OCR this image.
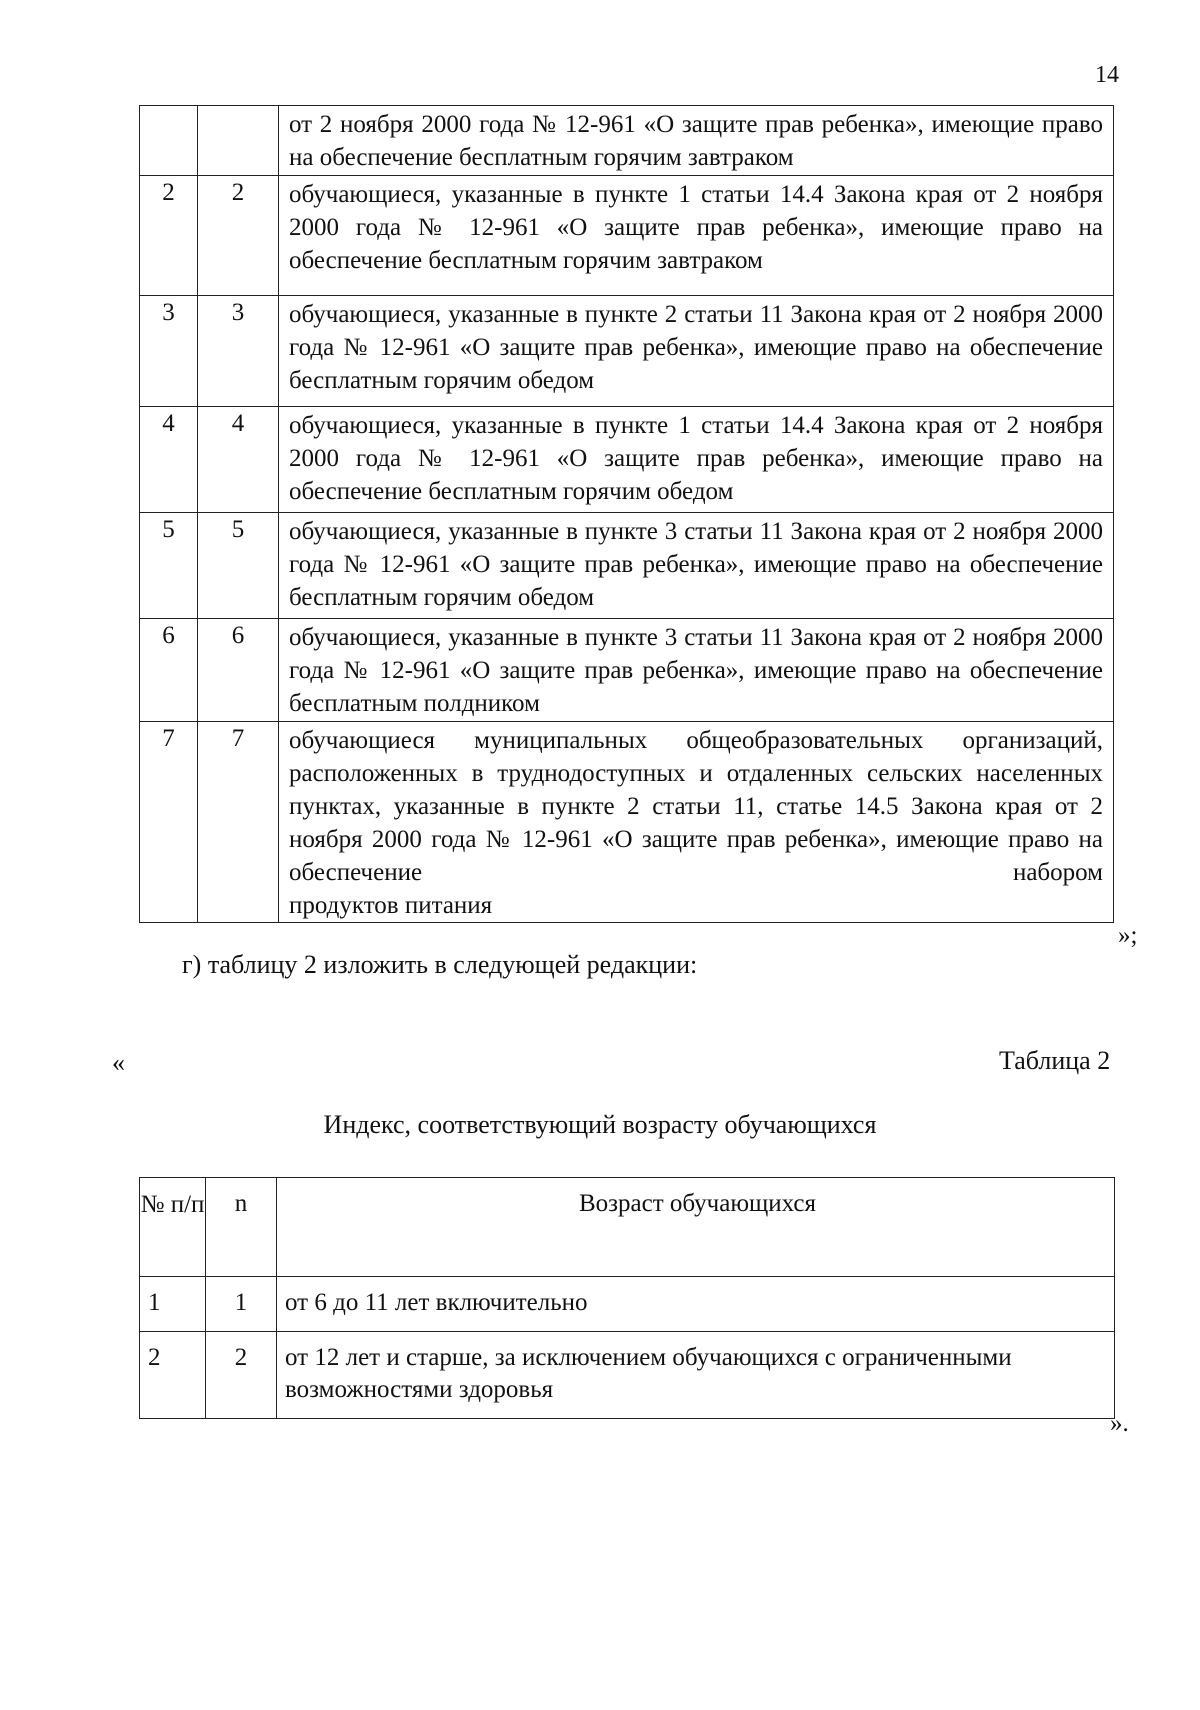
14

		от 2 ноября 2000 года № 12-961 «О защите прав ребенка», имеющие право на обеспечение бесплатным горячим завтраком

2	2	обучающиеся, указанные в пункте 1 статьи 14.4 Закона края от 2 ноября 2000 года № 12-961 «О защите прав ребенка», имеющие право на обеспечение бесплатным горячим завтраком

3	3	обучающиеся, указанные в пункте 2 статьи 11 Закона края от 2 ноября 2000 года № 12-961 «О защите прав ребенка», имеющие право на обеспечение бесплатным горячим обедом

4	4	обучающиеся, указанные в пункте 1 статьи 14.4 Закона края от 2 ноября 2000 года № 12-961 «О защите прав ребенка», имеющие право на обеспечение бесплатным горячим обедом

5	5	обучающиеся, указанные в пункте 3 статьи 11 Закона края от 2 ноября 2000 года № 12-961 «О защите прав ребенка», имеющие право на обеспечение бесплатным горячим обедом

6	6	обучающиеся, указанные в пункте 3 статьи 11 Закона края от 2 ноября 2000 года № 12-961 «О защите прав ребенка», имеющие право на обеспечение бесплатным полдником

7	7	обучающиеся муниципальных общеобразовательных организаций, расположенных в труднодоступных и отдаленных сельских населенных пунктах, указанные в пункте 2 статьи 11, статье 14.5 Закона края от 2 ноября 2000 года № 12-961 «О защите прав ребенка», имеющие право на обеспечение набором
продуктов питания
»;
г) таблицу 2 изложить в следующей редакции:
«	Таблица 2
Индекс, соответствующий возрасту обучающихся
№ п/п	n	Возраст обучающихся
1	1	от 6 до 11 лет включительно
2	2	от 12 лет и старше, за исключением обучающихся с ограниченными возможностями здоровья
».
